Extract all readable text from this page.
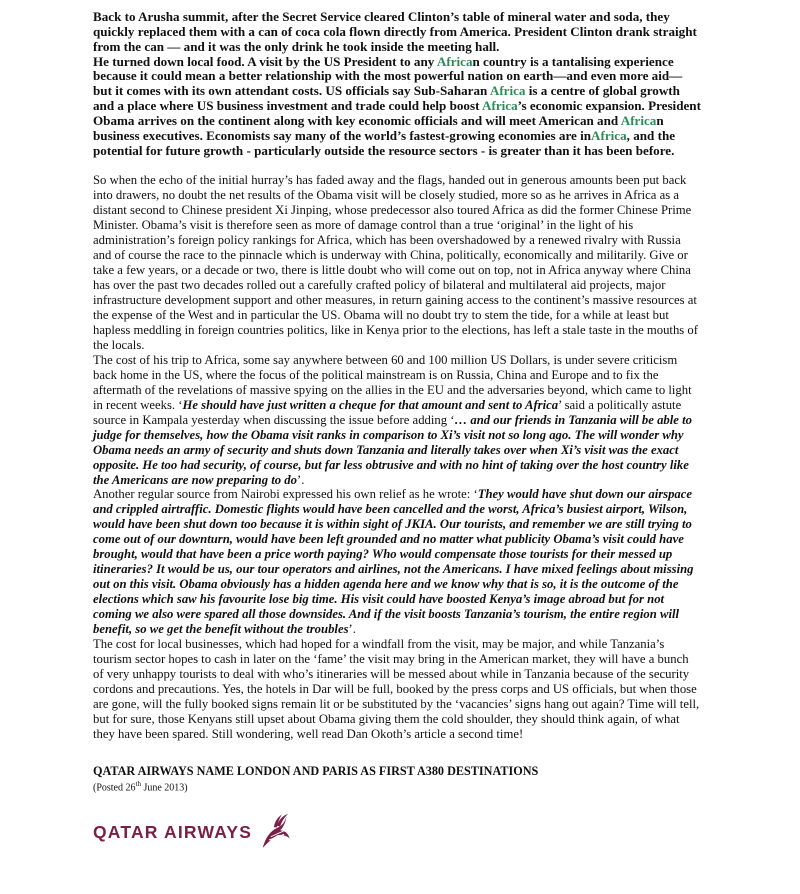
Back to Arusha summit, after the Secret Service cleared Clinton’s table of mineral water and soda, they quickly replaced them with a can of coca cola flown directly from America. President Clinton drank straight from the can — and it was the only drink he took inside the meeting hall.

He turned down local food. A visit by the US President to any African country is a tantalising experience because it could mean a better relationship with the most powerful nation on earth—and even more aid—but it comes with its own attendant costs. US officials say Sub-Saharan Africa is a centre of global growth and a place where US business investment and trade could help boost Africa’s economic expansion. President Obama arrives on the continent along with key economic officials and will meet American and African business executives. Economists say many of the world’s fastest-growing economies are inAfrica, and the potential for future growth - particularly outside the resource sectors - is greater than it has been before.

So when the echo of the initial hurray’s has faded away and the flags, handed out in generous amounts been put back into drawers, no doubt the net results of the Obama visit will be closely studied, more so as he arrives in Africa as a distant second to Chinese president Xi Jinping, whose predecessor also toured Africa as did the former Chinese Prime Minister. Obama’s visit is therefore seen as more of damage control than a true ‘original’ in the light of his administration’s foreign policy rankings for Africa, which has been overshadowed by a renewed rivalry with Russia and of course the race to the pinnacle which is underway with China, politically, economically and militarily. Give or take a few years, or a decade or two, there is little doubt who will come out on top, not in Africa anyway where China has over the past two decades rolled out a carefully crafted policy of bilateral and multilateral aid projects, major infrastructure development support and other measures, in return gaining access to the continent’s massive resources at the expense of the West and in particular the US. Obama will no doubt try to stem the tide, for a while at least but hapless meddling in foreign countries politics, like in Kenya prior to the elections, has left a stale taste in the mouths of the locals.

The cost of his trip to Africa, some say anywhere between 60 and 100 million US Dollars, is under severe criticism back home in the US, where the focus of the political mainstream is on Russia, China and Europe and to fix the aftermath of the revelations of massive spying on the allies in the EU and the adversaries beyond, which came to light in recent weeks. ‘He should have just written a cheque for that amount and sent to Africa’ said a politically astute source in Kampala yesterday when discussing the issue before adding ‘… and our friends in Tanzania will be able to judge for themselves, how the Obama visit ranks in comparison to Xi’s visit not so long ago. The will wonder why Obama needs an army of security and shuts down Tanzania and literally takes over when Xi’s visit was the exact opposite. He too had security, of course, but far less obtrusive and with no hint of taking over the host country like the Americans are now preparing to do’.

Another regular source from Nairobi expressed his own relief as he wrote: ‘They would have shut down our airspace and crippled airtraffic. Domestic flights would have been cancelled and the worst, Africa’s busiest airport, Wilson, would have been shut down too because it is within sight of JKIA. Our tourists, and remember we are still trying to come out of our downturn, would have been left grounded and no matter what publicity Obama’s visit could have brought, would that have been a price worth paying? Who would compensate those tourists for their messed up itineraries? It would be us, our tour operators and airlines, not the Americans. I have mixed feelings about missing out on this visit. Obama obviously has a hidden agenda here and we know why that is so, it is the outcome of the elections which saw his favourite lose big time. His visit could have boosted Kenya’s image abroad but for not coming we also were spared all those downsides. And if the visit boosts Tanzania’s tourism, the entire region will benefit, so we get the benefit without the troubles’.

The cost for local businesses, which had hoped for a windfall from the visit, may be major, and while Tanzania’s tourism sector hopes to cash in later on the ‘fame’ the visit may bring in the American market, they will have a bunch of very unhappy tourists to deal with who’s itineraries will be messed about while in Tanzania because of the security cordons and precautions. Yes, the hotels in Dar will be full, booked by the press corps and US officials, but when those are gone, will the fully booked signs remain lit or be substituted by the ‘vacancies’ signs hang out again? Time will tell, but for sure, those Kenyans still upset about Obama giving them the cold shoulder, they should think again, of what they have been spared. Still wondering, well read Dan Okoth’s article a second time!

QATAR AIRWAYS NAME LONDON AND PARIS AS FIRST A380 DESTINATIONS

(Posted 26th June 2013)

QATAR AIRWAYS
